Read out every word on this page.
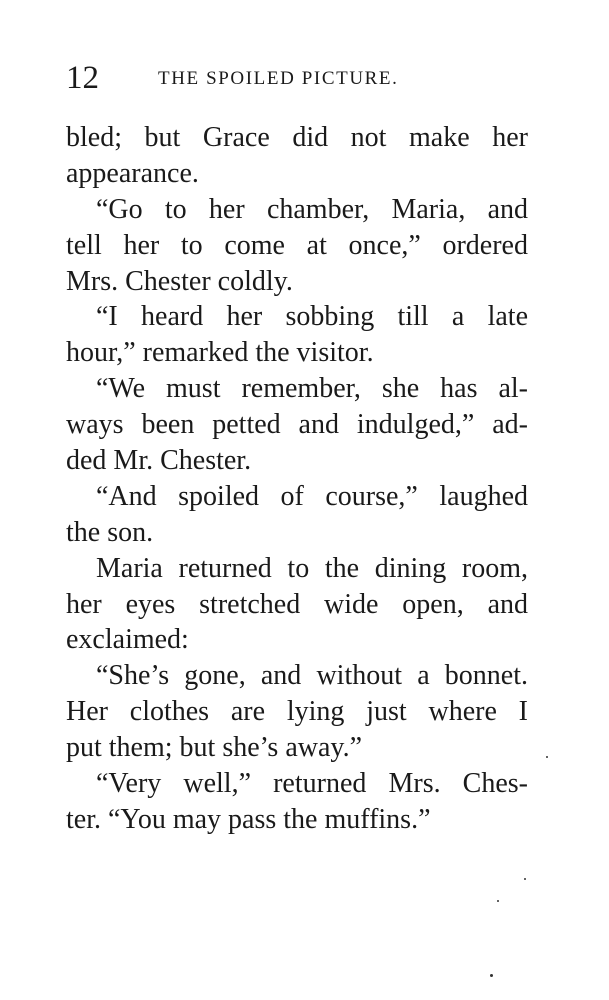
12	THE SPOILED PICTURE.
bled; but Grace did not make her
appearance.
“Go to her chamber, Maria, and
tell her to come at once,” ordered
Mrs. Chester coldly.
“I heard her sobbing till a late
hour,” remarked the visitor.
“We must remember, she has al-
ways been petted and indulged,” ad-
ded Mr. Chester.
“And spoiled of course,” laughed
the son.
Maria returned to the dining room,
her eyes stretched wide open, and
exclaimed:
“She’s gone, and without a bonnet.
Her clothes are lying just where I
put them; but she’s away.”
“Very well,” returned Mrs. Ches-
ter. “You may pass the muffins.”
